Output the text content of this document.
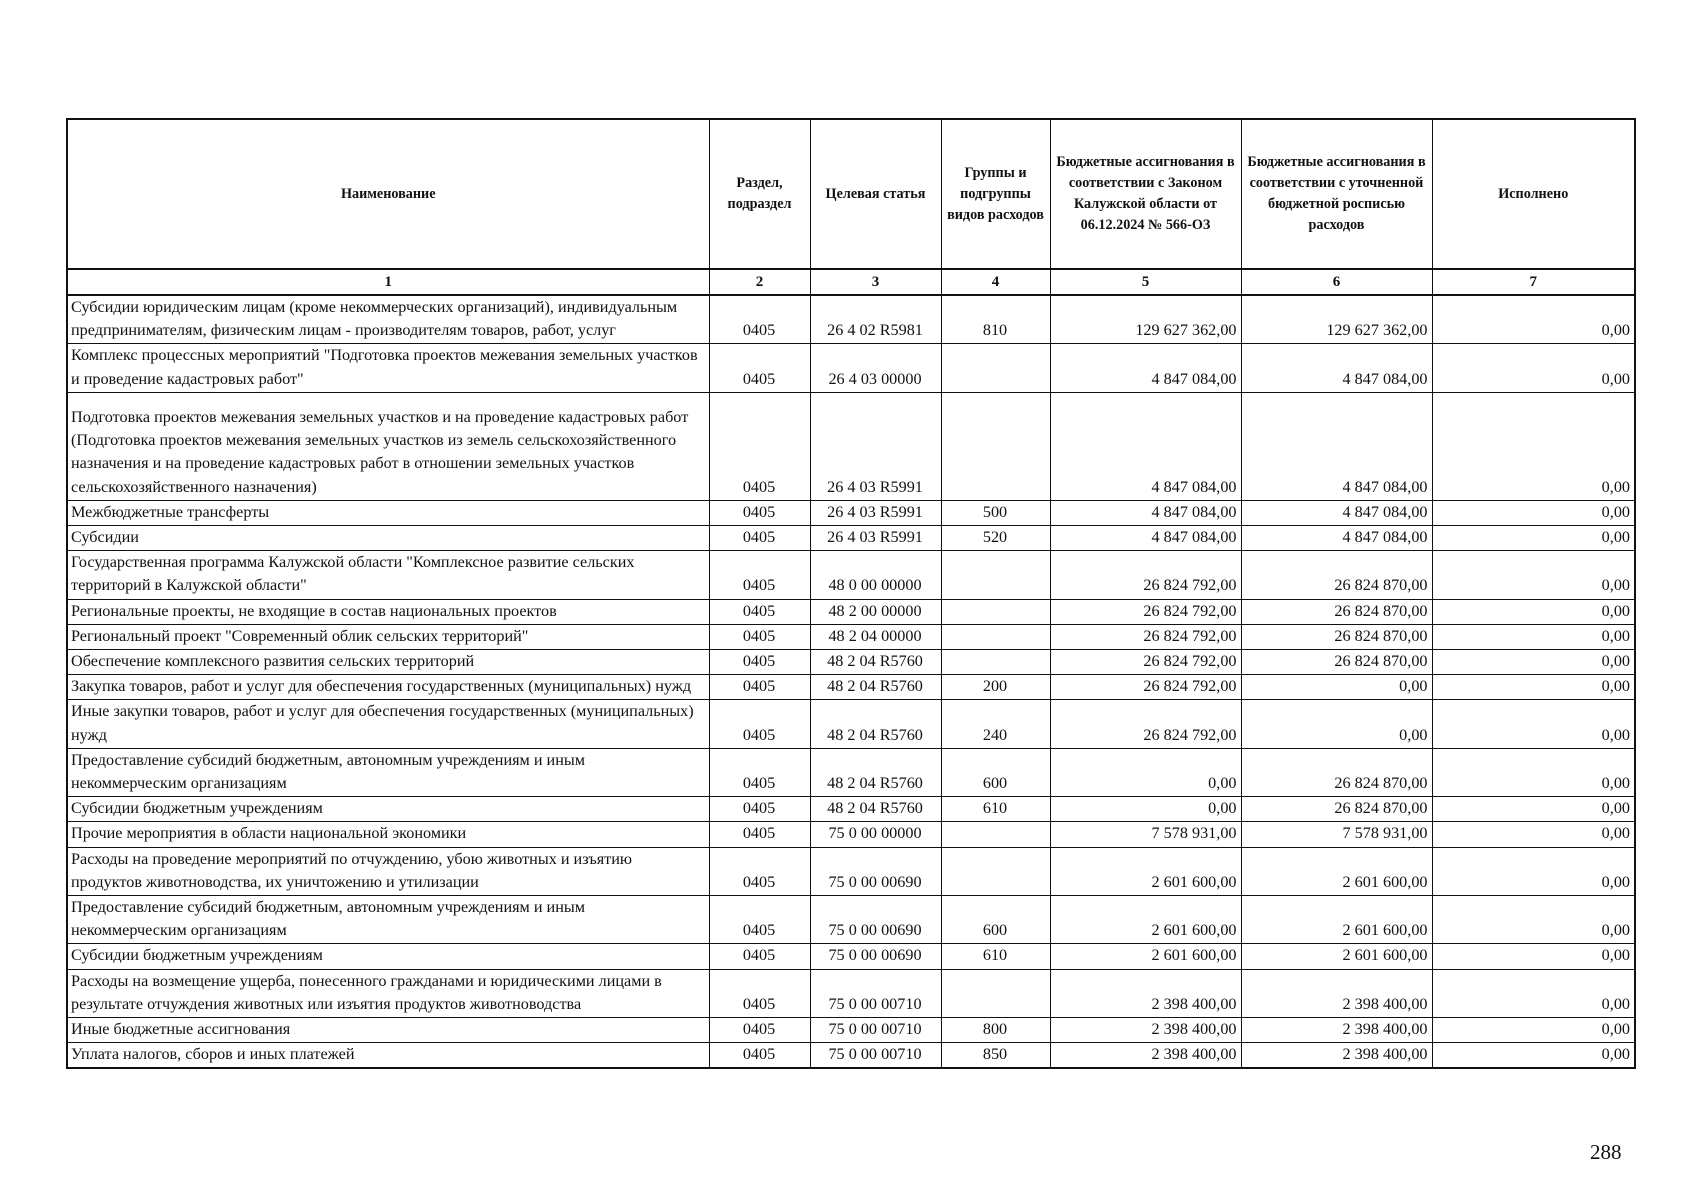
Наименование	Раздел, подраздел	Целевая статья	Группы и подгруппы видов расходов	Бюджетные ассигнования в соответствии с Законом Калужской области от 06.12.2024 № 566-ОЗ	Бюджетные ассигнования в соответствии с уточненной бюджетной росписью расходов	Исполнено
1	2	3	4	5	6	7
Субсидии юридическим лицам (кроме некоммерческих организаций), индивидуальным предпринимателям, физическим лицам - производителям товаров, работ, услуг	0405	26 4 02 R5981	810	129 627 362,00	129 627 362,00	0,00
Комплекс процессных мероприятий "Подготовка проектов межевания земельных участков и проведение кадастровых работ"	0405	26 4 03 00000		4 847 084,00	4 847 084,00	0,00
Подготовка проектов межевания земельных участков и на проведение кадастровых работ (Подготовка проектов межевания земельных участков из земель сельскохозяйственного назначения и на проведение кадастровых работ в отношении земельных участков сельскохозяйственного назначения)	0405	26 4 03 R5991		4 847 084,00	4 847 084,00	0,00
Межбюджетные трансферты	0405	26 4 03 R5991	500	4 847 084,00	4 847 084,00	0,00
Субсидии	0405	26 4 03 R5991	520	4 847 084,00	4 847 084,00	0,00
Государственная программа Калужской области "Комплексное развитие сельских территорий в Калужской области"	0405	48 0 00 00000		26 824 792,00	26 824 870,00	0,00
Региональные проекты, не входящие в состав национальных проектов	0405	48 2 00 00000		26 824 792,00	26 824 870,00	0,00
Региональный проект "Современный облик сельских территорий"	0405	48 2 04 00000		26 824 792,00	26 824 870,00	0,00
Обеспечение комплексного развития сельских территорий	0405	48 2 04 R5760		26 824 792,00	26 824 870,00	0,00
Закупка товаров, работ и услуг для обеспечения государственных (муниципальных) нужд	0405	48 2 04 R5760	200	26 824 792,00	0,00	0,00
Иные закупки товаров, работ и услуг для обеспечения государственных (муниципальных) нужд	0405	48 2 04 R5760	240	26 824 792,00	0,00	0,00
Предоставление субсидий бюджетным, автономным учреждениям и иным некоммерческим организациям	0405	48 2 04 R5760	600	0,00	26 824 870,00	0,00
Субсидии бюджетным учреждениям	0405	48 2 04 R5760	610	0,00	26 824 870,00	0,00
Прочие мероприятия в области национальной экономики	0405	75 0 00 00000		7 578 931,00	7 578 931,00	0,00
Расходы на проведение мероприятий по отчуждению, убою животных и изъятию продуктов животноводства, их уничтожению и утилизации	0405	75 0 00 00690		2 601 600,00	2 601 600,00	0,00
Предоставление субсидий бюджетным, автономным учреждениям и иным некоммерческим организациям	0405	75 0 00 00690	600	2 601 600,00	2 601 600,00	0,00
Субсидии бюджетным учреждениям	0405	75 0 00 00690	610	2 601 600,00	2 601 600,00	0,00
Расходы на возмещение ущерба, понесенного гражданами и юридическими лицами в результате отчуждения животных или изъятия продуктов животноводства	0405	75 0 00 00710		2 398 400,00	2 398 400,00	0,00
Иные бюджетные ассигнования	0405	75 0 00 00710	800	2 398 400,00	2 398 400,00	0,00
Уплата налогов, сборов и иных платежей	0405	75 0 00 00710	850	2 398 400,00	2 398 400,00	0,00
288
